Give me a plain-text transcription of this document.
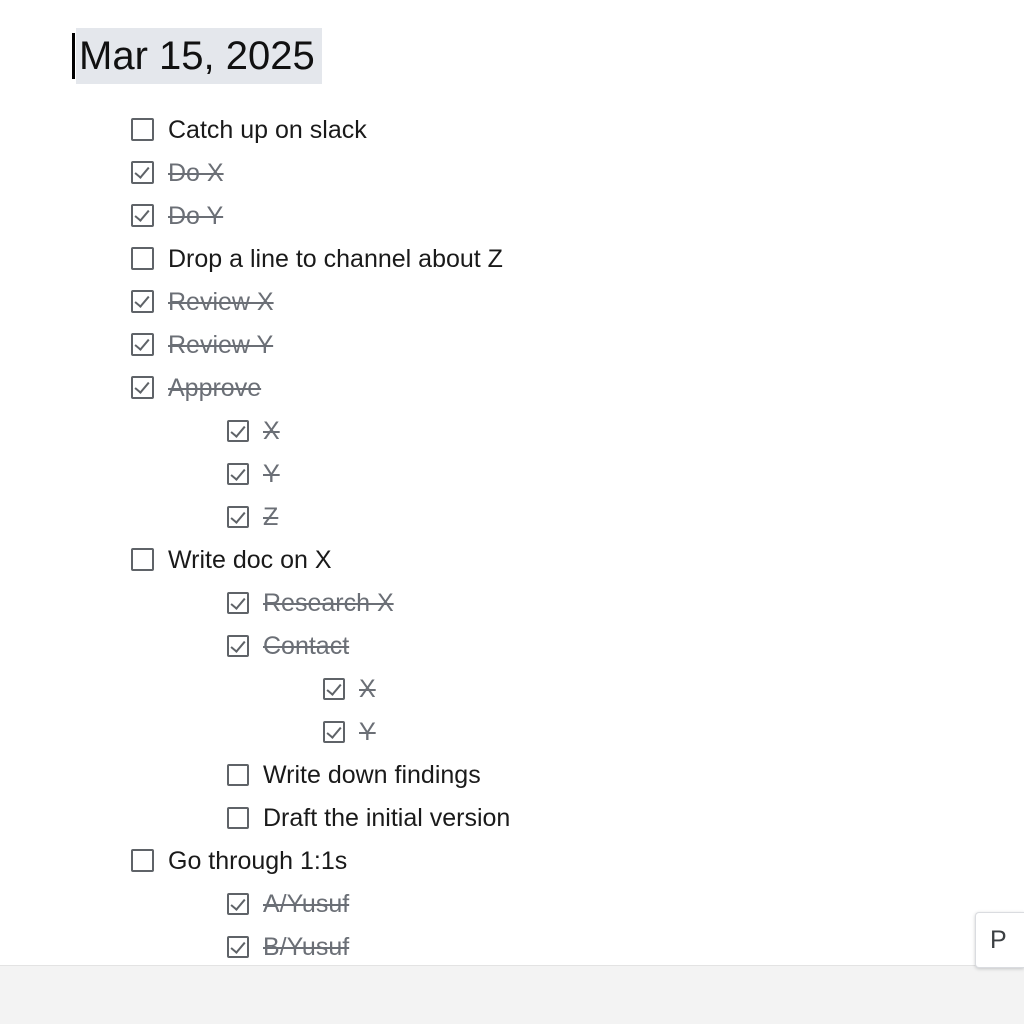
Mar 15, 2025
Catch up on slack
Do X
Do Y
Drop a line to channel about Z
Review X
Review Y
Approve
X
Y
Z
Write doc on X
Research X
Contact
X
Y
Write down findings
Draft the initial version
Go through 1:1s
A/Yusuf
B/Yusuf	P
